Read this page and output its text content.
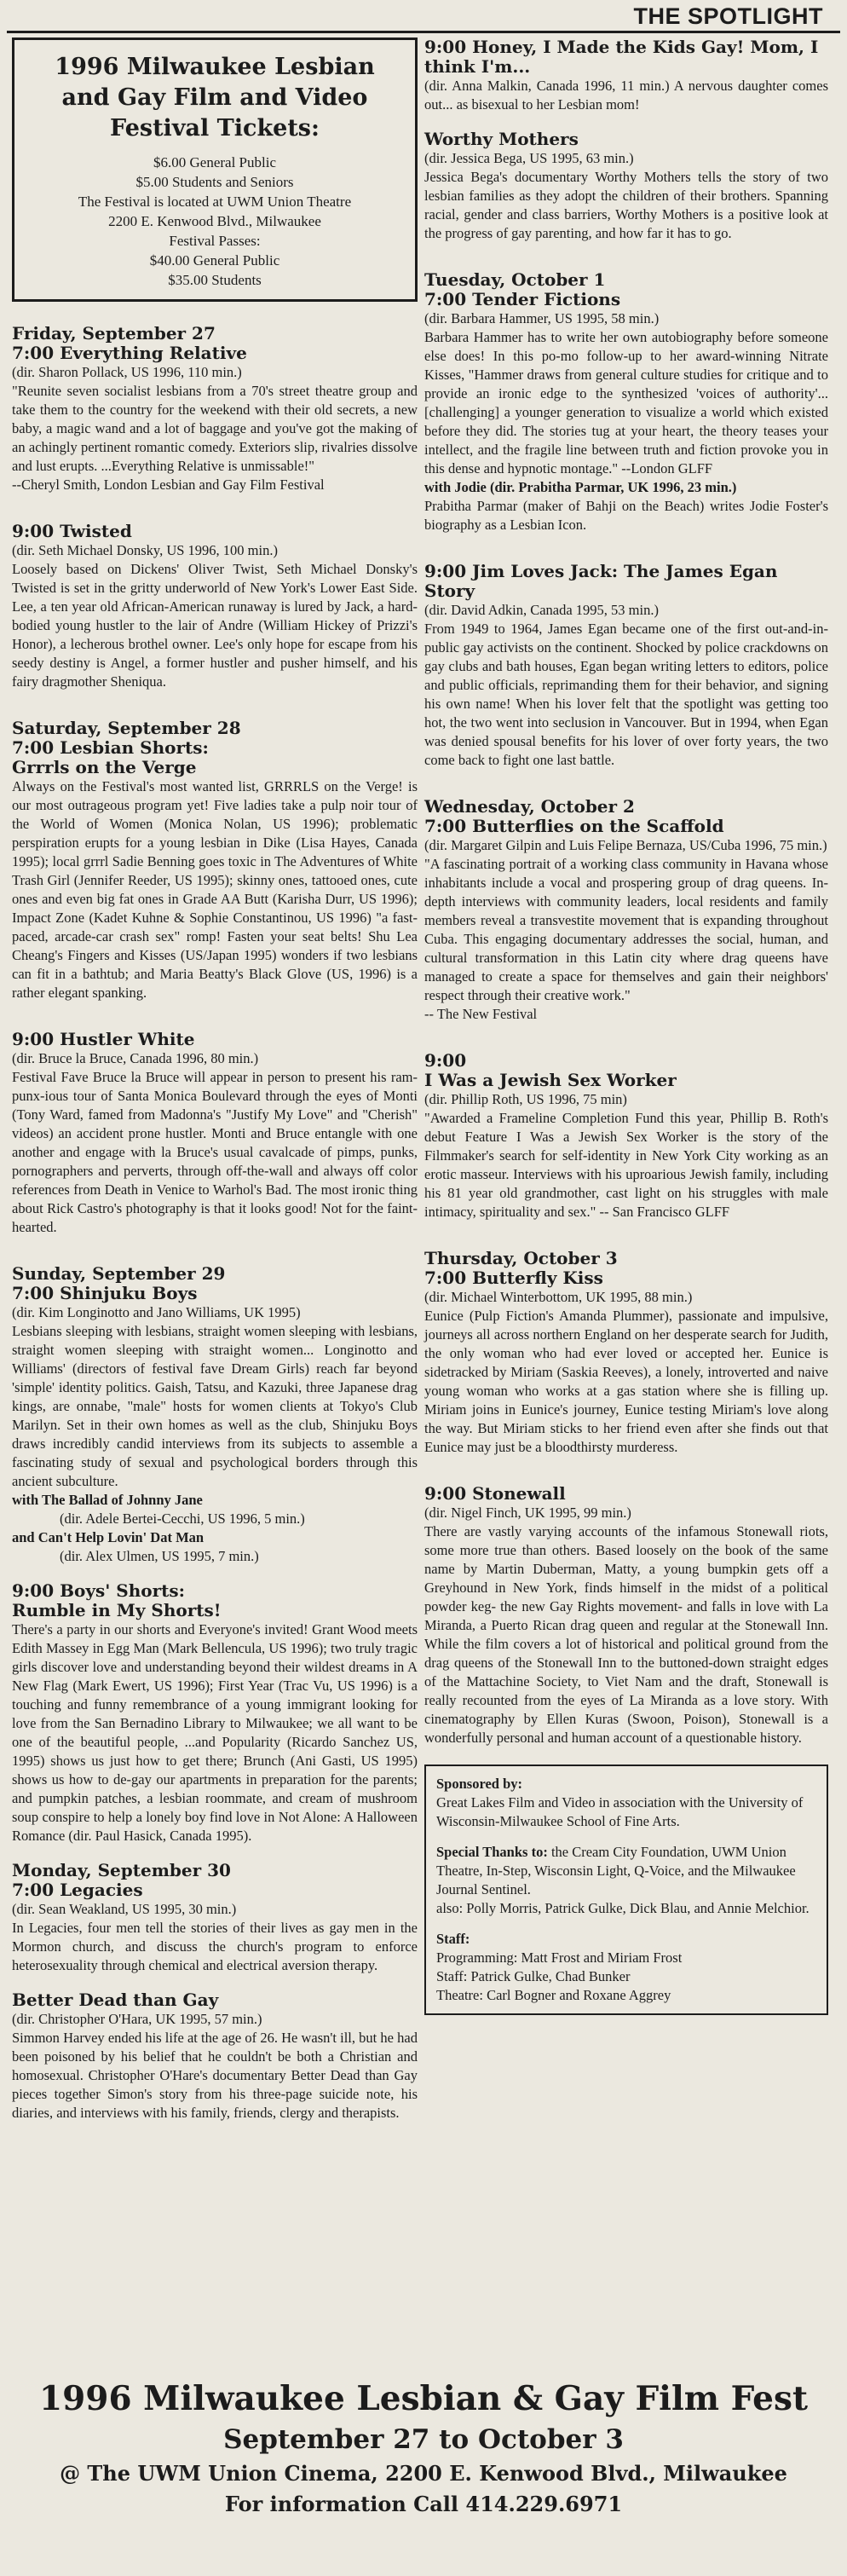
THE SPOTLIGHT
1996 Milwaukee Lesbian and Gay Film and Video Festival Tickets:
$6.00 General Public
$5.00 Students and Seniors
The Festival is located at UWM Union Theatre
2200 E. Kenwood Blvd., Milwaukee
Festival Passes:
$40.00 General Public
$35.00 Students
Friday, September 27
7:00 Everything Relative
(dir. Sharon Pollack, US 1996, 110 min.)

"Reunite seven socialist lesbians from a 70's street theatre group and take them to the country for the weekend with their old secrets, a new baby, a magic wand and a lot of baggage and you've got the making of an achingly pertinent romantic comedy. Exteriors slip, rivalries dissolve and lust erupts. ...Everything Relative is unmissable!"

--Cheryl Smith, London Lesbian and Gay Film Festival
9:00 Twisted
(dir. Seth Michael Donsky, US 1996, 100 min.)

Loosely based on Dickens' Oliver Twist, Seth Michael Donsky's Twisted is set in the gritty underworld of New York's Lower East Side. Lee, a ten year old African-American runaway is lured by Jack, a hard-bodied young hustler to the lair of Andre (William Hickey of Prizzi's Honor), a lecherous brothel owner. Lee's only hope for escape from his seedy destiny is Angel, a former hustler and pusher himself, and his fairy dragmother Sheniqua.

Saturday, September 28
7:00 Lesbian Shorts:
Grrrls on the Verge

Always on the Festival's most wanted list, GRRRLS on the Verge! is our most outrageous program yet! Five ladies take a pulp noir tour of the World of Women (Monica Nolan, US 1996); problematic perspiration erupts for a young lesbian in Dike (Lisa Hayes, Canada 1995); local grrrl Sadie Benning goes toxic in The Adventures of White Trash Girl (Jennifer Reeder, US 1995); skinny ones, tattooed ones, cute ones and even big fat ones in Grade AA Butt (Karisha Durr, US 1996); Impact Zone (Kadet Kuhne & Sophie Constantinou, US 1996) "a fast-paced, arcade-car crash sex" romp! Fasten your seat belts! Shu Lea Cheang's Fingers and Kisses (US/Japan 1995) wonders if two lesbians can fit in a bathtub; and Maria Beatty's Black Glove (US, 1996) is a rather elegant spanking.

9:00 Hustler White
(dir. Bruce la Bruce, Canada 1996, 80 min.)

Festival Fave Bruce la Bruce will appear in person to present his ram-punx-ious tour of Santa Monica Boulevard through the eyes of Monti (Tony Ward, famed from Madonna's "Justify My Love" and "Cherish" videos) an accident prone hustler. Monti and Bruce entangle with one another and engage with la Bruce's usual cavalcade of pimps, punks, pornographers and perverts, through off-the-wall and always off color references from Death in Venice to Warhol's Bad. The most ironic thing about Rick Castro's photography is that it looks good! Not for the faint-hearted.

Sunday, September 29
7:00 Shinjuku Boys
(dir. Kim Longinotto and Jano Williams, UK 1995)

Lesbians sleeping with lesbians, straight women sleeping with lesbians, straight women sleeping with straight women... Longinotto and Williams' (directors of festival fave Dream Girls) reach far beyond 'simple' identity politics. Gaish, Tatsu, and Kazuki, three Japanese drag kings, are onnabe, "male" hosts for women clients at Tokyo's Club Marilyn. Set in their own homes as well as the club, Shinjuku Boys draws incredibly candid interviews from its subjects to assemble a fascinating study of sexual and psychological borders through this ancient subculture.

with The Ballad of Johnny Jane
(dir. Adele Bertei-Cecchi, US 1996, 5 min.)
and Can't Help Lovin' Dat Man
(dir. Alex Ulmen, US 1995, 7 min.)
9:00 Boys' Shorts:
Rumble in My Shorts!

There's a party in our shorts and Everyone's invited! Grant Wood meets Edith Massey in Egg Man (Mark Bellencula, US 1996); two truly tragic girls discover love and understanding beyond their wildest dreams in A New Flag (Mark Ewert, US 1996); First Year (Trac Vu, US 1996) is a touching and funny remembrance of a young immigrant looking for love from the San Bernadino Library to Milwaukee; we all want to be one of the beautiful people, ...and Popularity (Ricardo Sanchez US, 1995) shows us just how to get there; Brunch (Ani Gasti, US 1995) shows us how to de-gay our apartments in preparation for the parents; and pumpkin patches, a lesbian roommate, and cream of mushroom soup conspire to help a lonely boy find love in Not Alone: A Halloween Romance (dir. Paul Hasick, Canada 1995).

Monday, September 30
7:00 Legacies
(dir. Sean Weakland, US 1995, 30 min.)

In Legacies, four men tell the stories of their lives as gay men in the Mormon church, and discuss the church's program to enforce heterosexuality through chemical and electrical aversion therapy.

Better Dead than Gay
(dir. Christopher O'Hara, UK 1995, 57 min.)

Simmon Harvey ended his life at the age of 26. He wasn't ill, but he had been poisoned by his belief that he couldn't be both a Christian and homosexual. Christopher O'Hare's documentary Better Dead than Gay pieces together Simon's story from his three-page suicide note, his diaries, and interviews with his family, friends, clergy and therapists.

9:00 Honey, I Made the Kids Gay! Mom, I think I'm...

(dir. Anna Malkin, Canada 1996, 11 min.) A nervous daughter comes out... as bisexual to her Lesbian mom!

Worthy Mothers
(dir. Jessica Bega, US 1995, 63 min.)

Jessica Bega's documentary Worthy Mothers tells the story of two lesbian families as they adopt the children of their brothers. Spanning racial, gender and class barriers, Worthy Mothers is a positive look at the progress of gay parenting, and how far it has to go.

Tuesday, October 1
7:00 Tender Fictions
(dir. Barbara Hammer, US 1995, 58 min.)

Barbara Hammer has to write her own autobiography before someone else does! In this po-mo follow-up to her award-winning Nitrate Kisses, "Hammer draws from general culture studies for critique and to provide an ironic edge to the synthesized 'voices of authority'... [challenging] a younger generation to visualize a world which existed before they did. The stories tug at your heart, the theory teases your intellect, and the fragile line between truth and fiction provoke you in this dense and hypnotic montage." --London GLFF

with Jodie (dir. Prabitha Parmar, UK 1996, 23 min.)

Prabitha Parmar (maker of Bahji on the Beach) writes Jodie Foster's biography as a Lesbian Icon.

9:00 Jim Loves Jack: The James Egan Story
(dir. David Adkin, Canada 1995, 53 min.)

From 1949 to 1964, James Egan became one of the first out-and-in-public gay activists on the continent. Shocked by police crackdowns on gay clubs and bath houses, Egan began writing letters to editors, police and public officials, reprimanding them for their behavior, and signing his own name! When his lover felt that the spotlight was getting too hot, the two went into seclusion in Vancouver. But in 1994, when Egan was denied spousal benefits for his lover of over forty years, the two come back to fight one last battle.

Wednesday, October 2
7:00 Butterflies on the Scaffold
(dir. Margaret Gilpin and Luis Felipe Bernaza, US/Cuba 1996, 75 min.)

"A fascinating portrait of a working class community in Havana whose inhabitants include a vocal and prospering group of drag queens. In-depth interviews with community leaders, local residents and family members reveal a transvestite movement that is expanding throughout Cuba. This engaging documentary addresses the social, human, and cultural transformation in this Latin city where drag queens have managed to create a space for themselves and gain their neighbors' respect through their creative work."

-- The New Festival
9:00
I Was a Jewish Sex Worker
(dir. Phillip Roth, US 1996, 75 min)

"Awarded a Frameline Completion Fund this year, Phillip B. Roth's debut Feature I Was a Jewish Sex Worker is the story of the Filmmaker's search for self-identity in New York City working as an erotic masseur. Interviews with his uproarious Jewish family, including his 81 year old grandmother, cast light on his struggles with male intimacy, spirituality and sex." -- San Francisco GLFF

Thursday, October 3
7:00 Butterfly Kiss
(dir. Michael Winterbottom, UK 1995, 88 min.)

Eunice (Pulp Fiction's Amanda Plummer), passionate and impulsive, journeys all across northern England on her desperate search for Judith, the only woman who had ever loved or accepted her. Eunice is sidetracked by Miriam (Saskia Reeves), a lonely, introverted and naive young woman who works at a gas station where she is filling up. Miriam joins in Eunice's journey, Eunice testing Miriam's love along the way. But Miriam sticks to her friend even after she finds out that Eunice may just be a bloodthirsty murderess.

9:00 Stonewall
(dir. Nigel Finch, UK 1995, 99 min.)

There are vastly varying accounts of the infamous Stonewall riots, some more true than others. Based loosely on the book of the same name by Martin Duberman, Matty, a young bumpkin gets off a Greyhound in New York, finds himself in the midst of a political powder keg- the new Gay Rights movement- and falls in love with La Miranda, a Puerto Rican drag queen and regular at the Stonewall Inn. While the film covers a lot of historical and political ground from the drag queens of the Stonewall Inn to the buttoned-down straight edges of the Mattachine Society, to Viet Nam and the draft, Stonewall is really recounted from the eyes of La Miranda as a love story. With cinematography by Ellen Kuras (Swoon, Poison), Stonewall is a wonderfully personal and human account of a questionable history.

Sponsored by:
Great Lakes Film and Video in association with the University of Wisconsin-Milwaukee School of Fine Arts.
Special Thanks to: the Cream City Foundation, UWM Union Theatre, In-Step, Wisconsin Light, Q-Voice, and the Milwaukee Journal Sentinel.
also: Polly Morris, Patrick Gulke, Dick Blau, and Annie Melchior.
Staff:
Programming: Matt Frost and Miriam Frost
Staff: Patrick Gulke, Chad Bunker
Theatre: Carl Bogner and Roxane Aggrey
1996 Milwaukee Lesbian & Gay Film Fest
September 27 to October 3
@ The UWM Union Cinema, 2200 E. Kenwood Blvd., Milwaukee
For information Call 414.229.6971
